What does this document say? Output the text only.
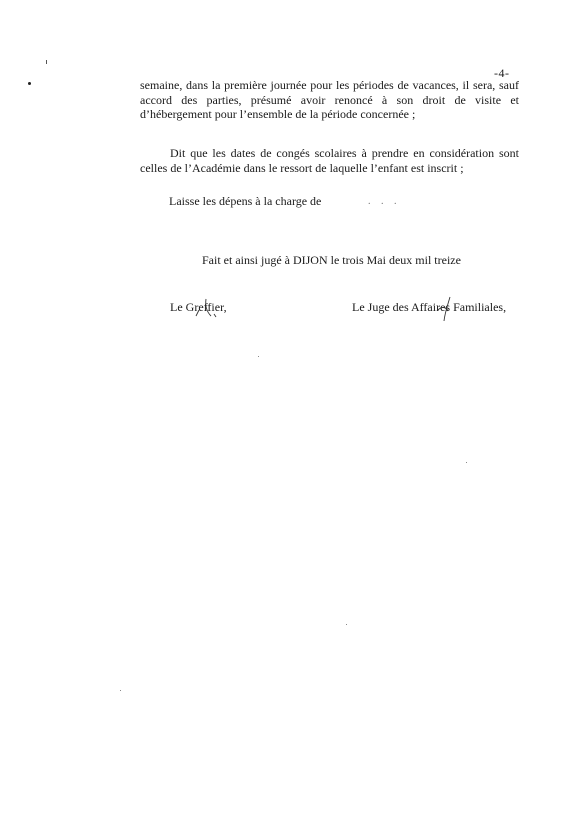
-4-

semaine, dans la première journée pour les périodes de vacances, il sera, sauf accord des parties, présumé avoir renoncé à son droit de visite et d’hébergement pour l’ensemble de la période concernée ;

Dit que les dates de congés scolaires à prendre en considération sont celles de l’Académie dans le ressort de laquelle l’enfant est inscrit ;

Laisse les dépens à la charge de	. . .
Fait et ainsi jugé à DIJON le trois Mai deux mil treize
Le Greffier,	Le Juge des Affaires Familiales,
